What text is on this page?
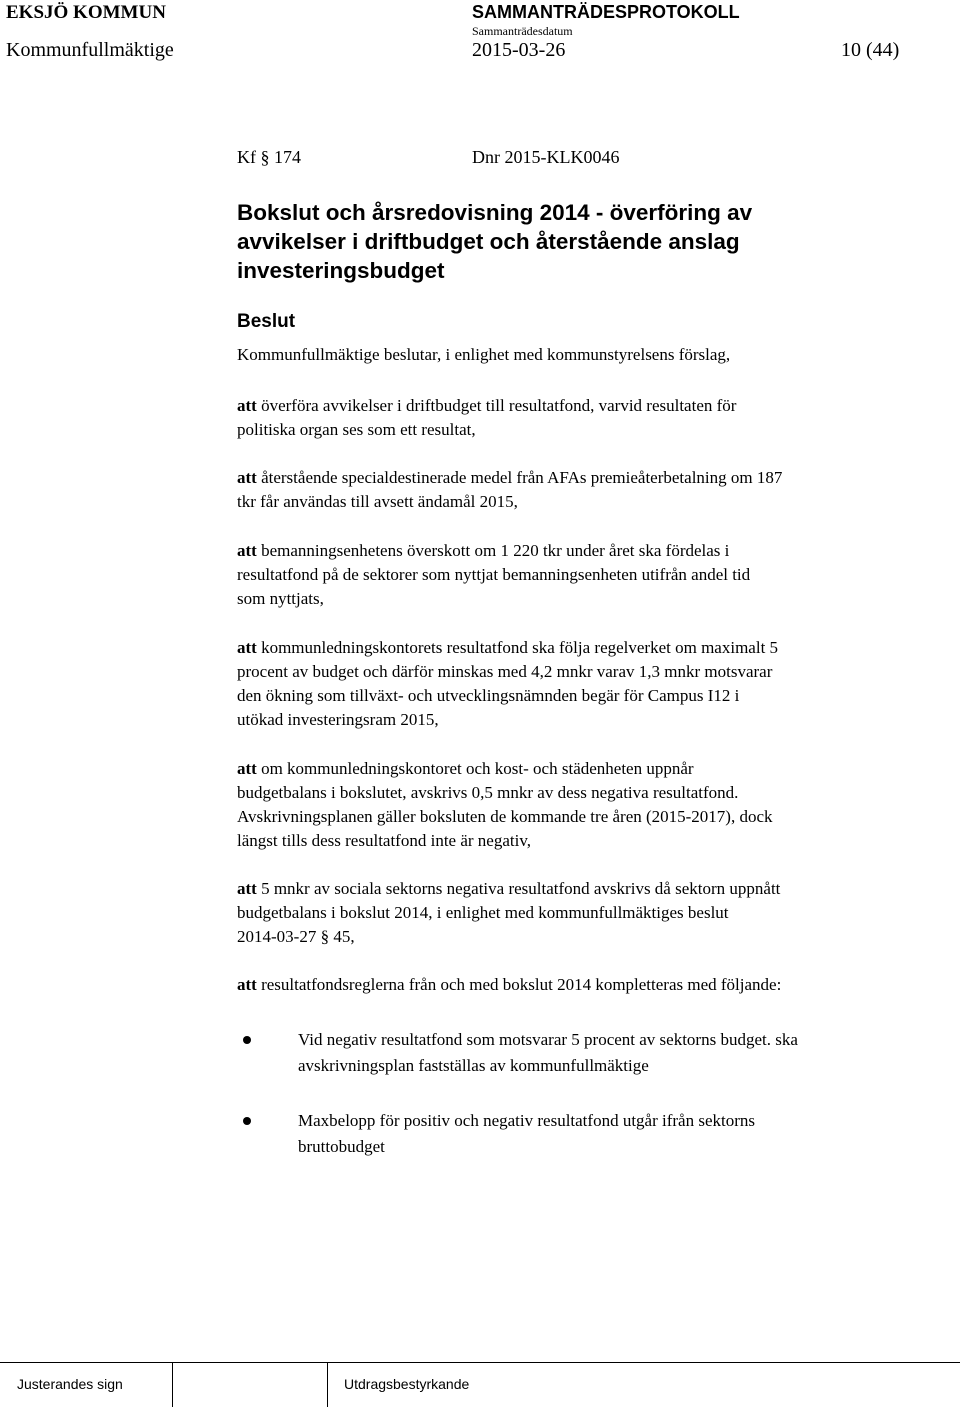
EKSJÖ KOMMUN	SAMMANTRÄDESPROTOKOLL
Sammanträdesdatum
Kommunfullmäktige	2015-03-26	10 (44)
Kf § 174	Dnr 2015-KLK0046
Bokslut och årsredovisning 2014 - överföring av
avvikelser i driftbudget och återstående anslag
investeringsbudget
Beslut
Kommunfullmäktige beslutar, i enlighet med kommunstyrelsens förslag,
att överföra avvikelser i driftbudget till resultatfond, varvid resultaten för
politiska organ ses som ett resultat,
att återstående specialdestinerade medel från AFAs premieåterbetalning om 187
tkr får användas till avsett ändamål 2015,
att bemanningsenhetens överskott om 1 220 tkr under året ska fördelas i
resultatfond på de sektorer som nyttjat bemanningsenheten utifrån andel tid
som nyttjats,
att kommunledningskontorets resultatfond ska följa regelverket om maximalt 5
procent av budget och därför minskas med 4,2 mnkr varav 1,3 mnkr motsvarar
den ökning som tillväxt- och utvecklingsnämnden begär för Campus I12 i
utökad investeringsram 2015,
att om kommunledningskontoret och kost- och städenheten uppnår
budgetbalans i bokslutet, avskrivs 0,5 mnkr av dess negativa resultatfond.
Avskrivningsplanen gäller boksluten de kommande tre åren (2015-2017), dock
längst tills dess resultatfond inte är negativ,
att 5 mnkr av sociala sektorns negativa resultatfond avskrivs då sektorn uppnått
budgetbalans i bokslut 2014, i enlighet med kommunfullmäktiges beslut
2014-03-27 § 45,
att resultatfondsreglerna från och med bokslut 2014 kompletteras med följande:
Vid negativ resultatfond som motsvarar 5 procent av sektorns budget. ska
avskrivningsplan fastställas av kommunfullmäktige
Maxbelopp för positiv och negativ resultatfond utgår ifrån sektorns
bruttobudget
Justerandes sign	Utdragsbestyrkande
